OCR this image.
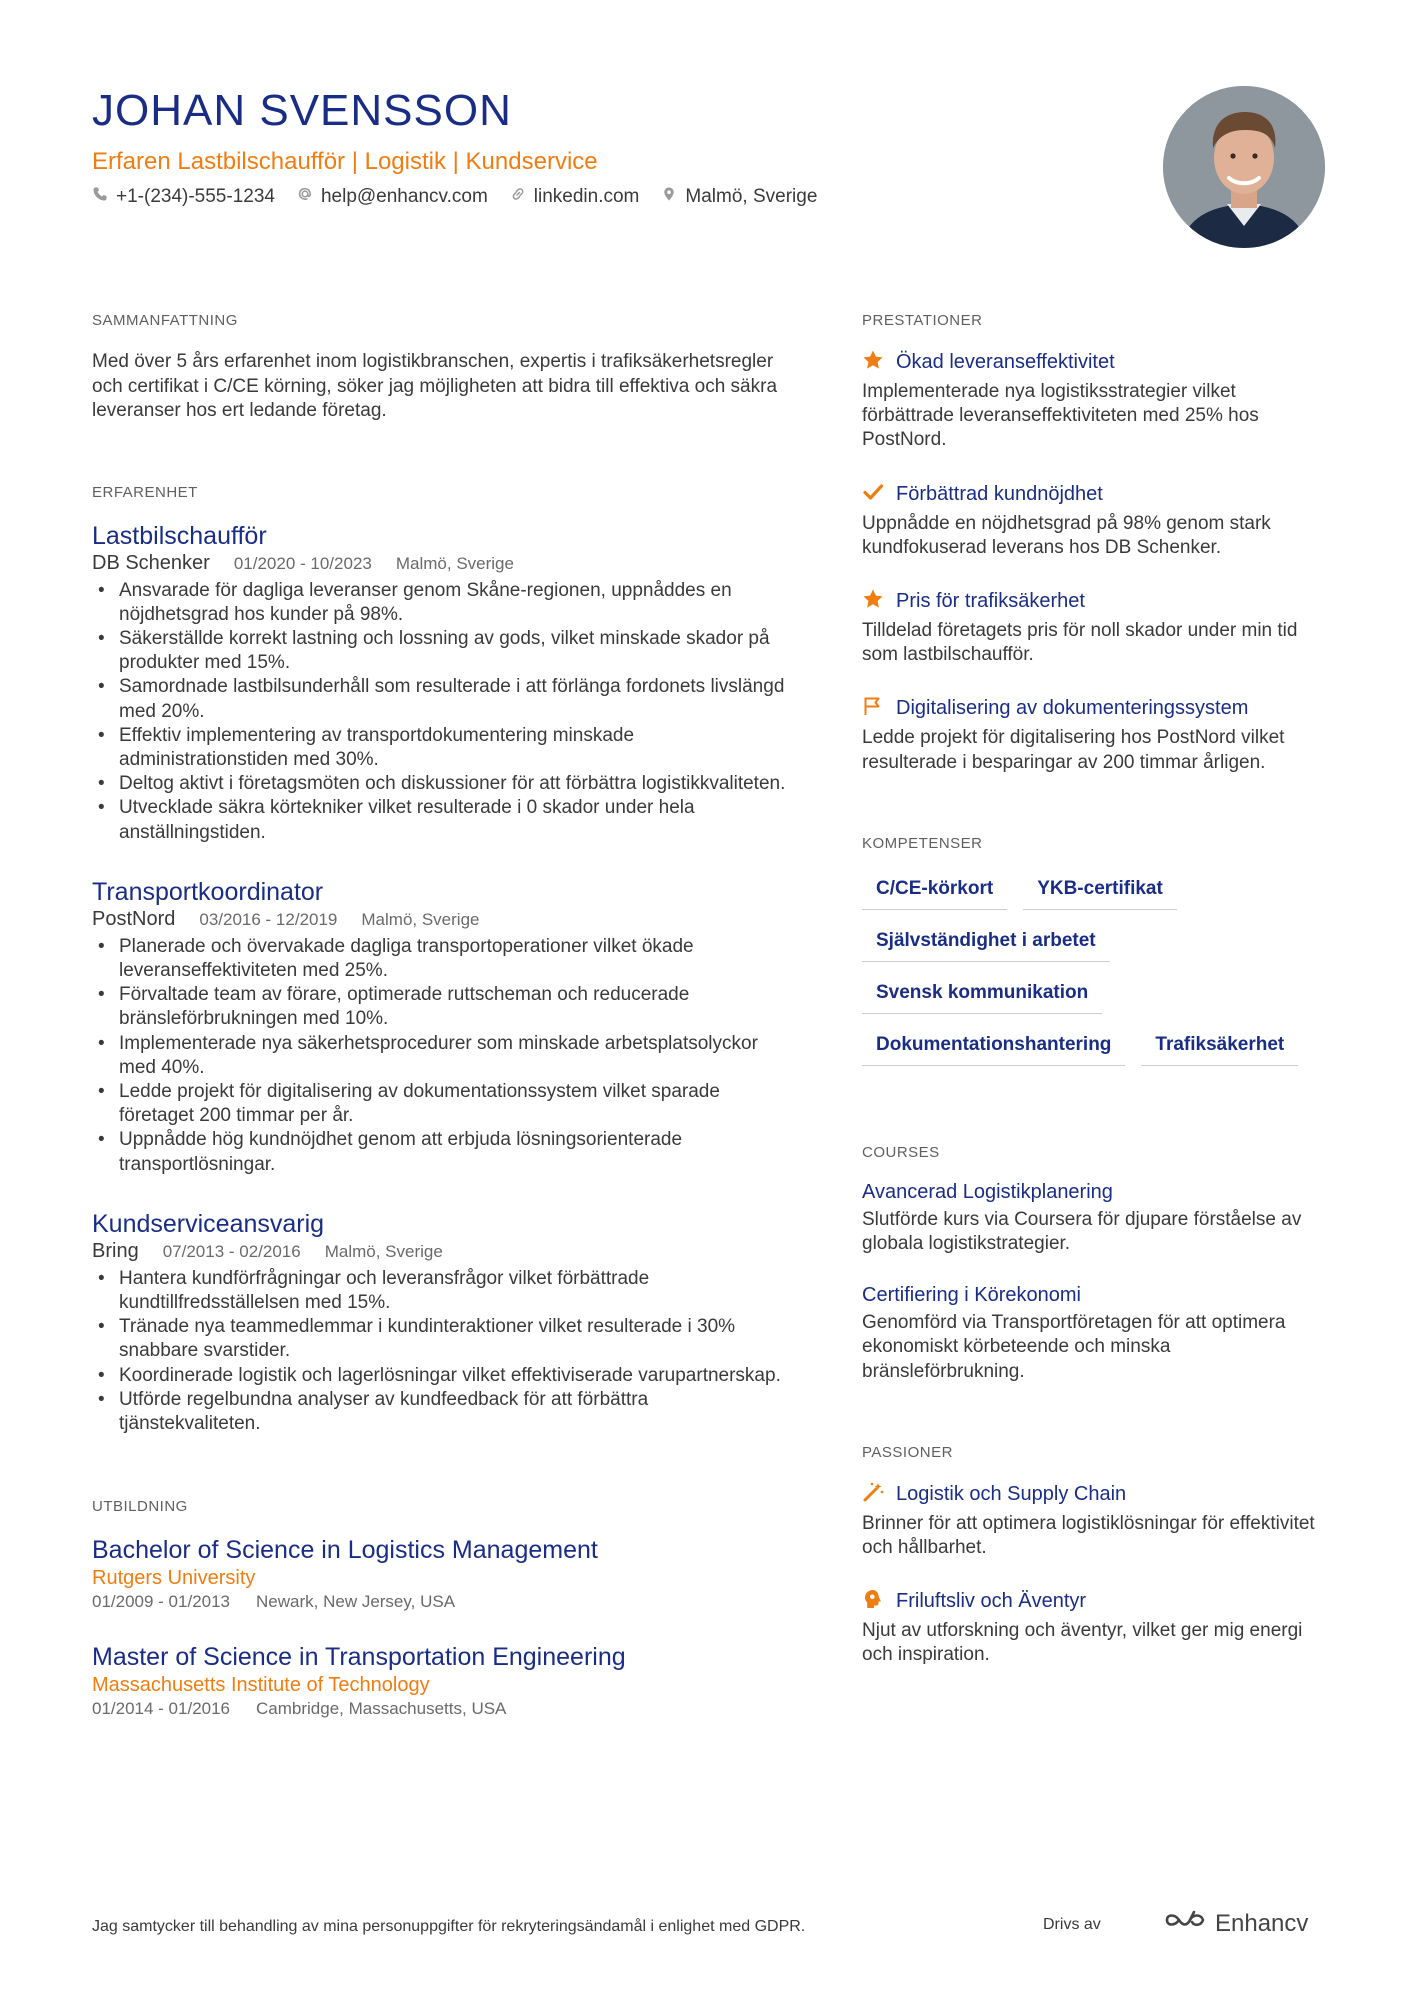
JOHAN SVENSSON
Erfaren Lastbilschaufför | Logistik | Kundservice
+1-(234)-555-1234 help@enhancv.com linkedin.com Malmö, Sverige
SAMMANFATTNING

Med över 5 års erfarenhet inom logistikbranschen, expertis i trafiksäkerhetsregler och certifikat i C/CE körning, söker jag möjligheten att bidra till effektiva och säkra leveranser hos ert ledande företag.

ERFARENHET
Lastbilschaufför
DB Schenker 01/2020 - 10/2023 Malmö, Sverige
• Ansvarade för dagliga leveranser genom Skåne-regionen, uppnåddes en nöjdhetsgrad hos kunder på 98%.
• Säkerställde korrekt lastning och lossning av gods, vilket minskade skador på produkter med 15%.
• Samordnade lastbilsunderhåll som resulterade i att förlänga fordonets livslängd med 20%.
• Effektiv implementering av transportdokumentering minskade administrationstiden med 30%.
• Deltog aktivt i företagsmöten och diskussioner för att förbättra logistikkvaliteten.
• Utvecklade säkra körtekniker vilket resulterade i 0 skador under hela anställningstiden.
Transportkoordinator
PostNord 03/2016 - 12/2019 Malmö, Sverige
• Planerade och övervakade dagliga transportoperationer vilket ökade leveranseffektiviteten med 25%.
• Förvaltade team av förare, optimerade ruttscheman och reducerade bränsleförbrukningen med 10%.
• Implementerade nya säkerhetsprocedurer som minskade arbetsplatsolyckor med 40%.
• Ledde projekt för digitalisering av dokumentationssystem vilket sparade företaget 200 timmar per år.
• Uppnådde hög kundnöjdhet genom att erbjuda lösningsorienterade transportlösningar.
Kundserviceansvarig
Bring 07/2013 - 02/2016 Malmö, Sverige
• Hantera kundförfrågningar och leveransfrågor vilket förbättrade kundtillfredsställelsen med 15%.
• Tränade nya teammedlemmar i kundinteraktioner vilket resulterade i 30% snabbare svarstider.
• Koordinerade logistik och lagerlösningar vilket effektiviserade varupartnerskap.
• Utförde regelbundna analyser av kundfeedback för att förbättra tjänstekvaliteten.
UTBILDNING
Bachelor of Science in Logistics Management
Rutgers University
01/2009 - 01/2013 Newark, New Jersey, USA
Master of Science in Transportation Engineering
Massachusetts Institute of Technology
01/2014 - 01/2016 Cambridge, Massachusetts, USA
PRESTATIONER
Ökad leveranseffektivitet
Implementerade nya logistiksstrategier vilket förbättrade leveranseffektiviteten med 25% hos PostNord.
Förbättrad kundnöjdhet
Uppnådde en nöjdhetsgrad på 98% genom stark kundfokuserad leverans hos DB Schenker.
Pris för trafiksäkerhet
Tilldelad företagets pris för noll skador under min tid som lastbilschaufför.
Digitalisering av dokumenteringssystem
Ledde projekt för digitalisering hos PostNord vilket resulterade i besparingar av 200 timmar årligen.
KOMPETENSER
C/CE-körkort	YKB-certifikat
Självständighet i arbetet
Svensk kommunikation
Dokumentationshantering	Trafiksäkerhet
COURSES
Avancerad Logistikplanering
Slutförde kurs via Coursera för djupare förståelse av globala logistikstrategier.
Certifiering i Körekonomi
Genomförd via Transportföretagen för att optimera ekonomiskt körbeteende och minska bränsleförbrukning.
PASSIONER
Logistik och Supply Chain
Brinner för att optimera logistiklösningar för effektivitet och hållbarhet.
Friluftsliv och Äventyr
Njut av utforskning och äventyr, vilket ger mig energi och inspiration.
Jag samtycker till behandling av mina personuppgifter för rekryteringsändamål i enlighet med GDPR.	Drivs av	Enhancv
